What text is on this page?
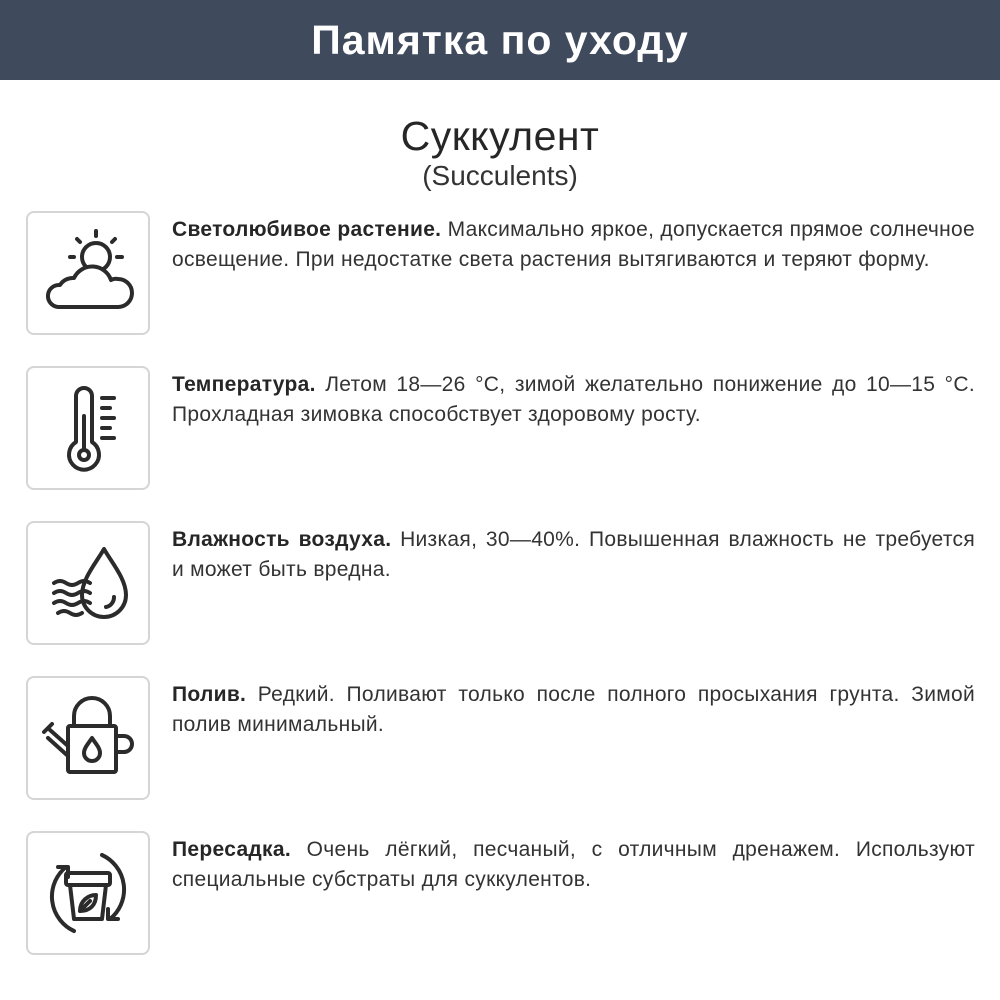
Памятка по уходу
Суккулент
(Succulents)
Светолюбивое растение. Максимально яркое, допускается прямое солнечное освещение. При недостатке света растения вытягиваются и теряют форму.
Температура. Летом 18—26 °C, зимой желательно понижение до 10—15 °C. Прохладная зимовка способствует здоровому росту.
Влажность воздуха. Низкая, 30—40%. Повышенная влажность не требуется и может быть вредна.
Полив. Редкий. Поливают только после полного просыхания грунта. Зимой полив минимальный.
Пересадка. Очень лёгкий, песчаный, с отличным дренажем. Используют специальные субстраты для суккулентов.
